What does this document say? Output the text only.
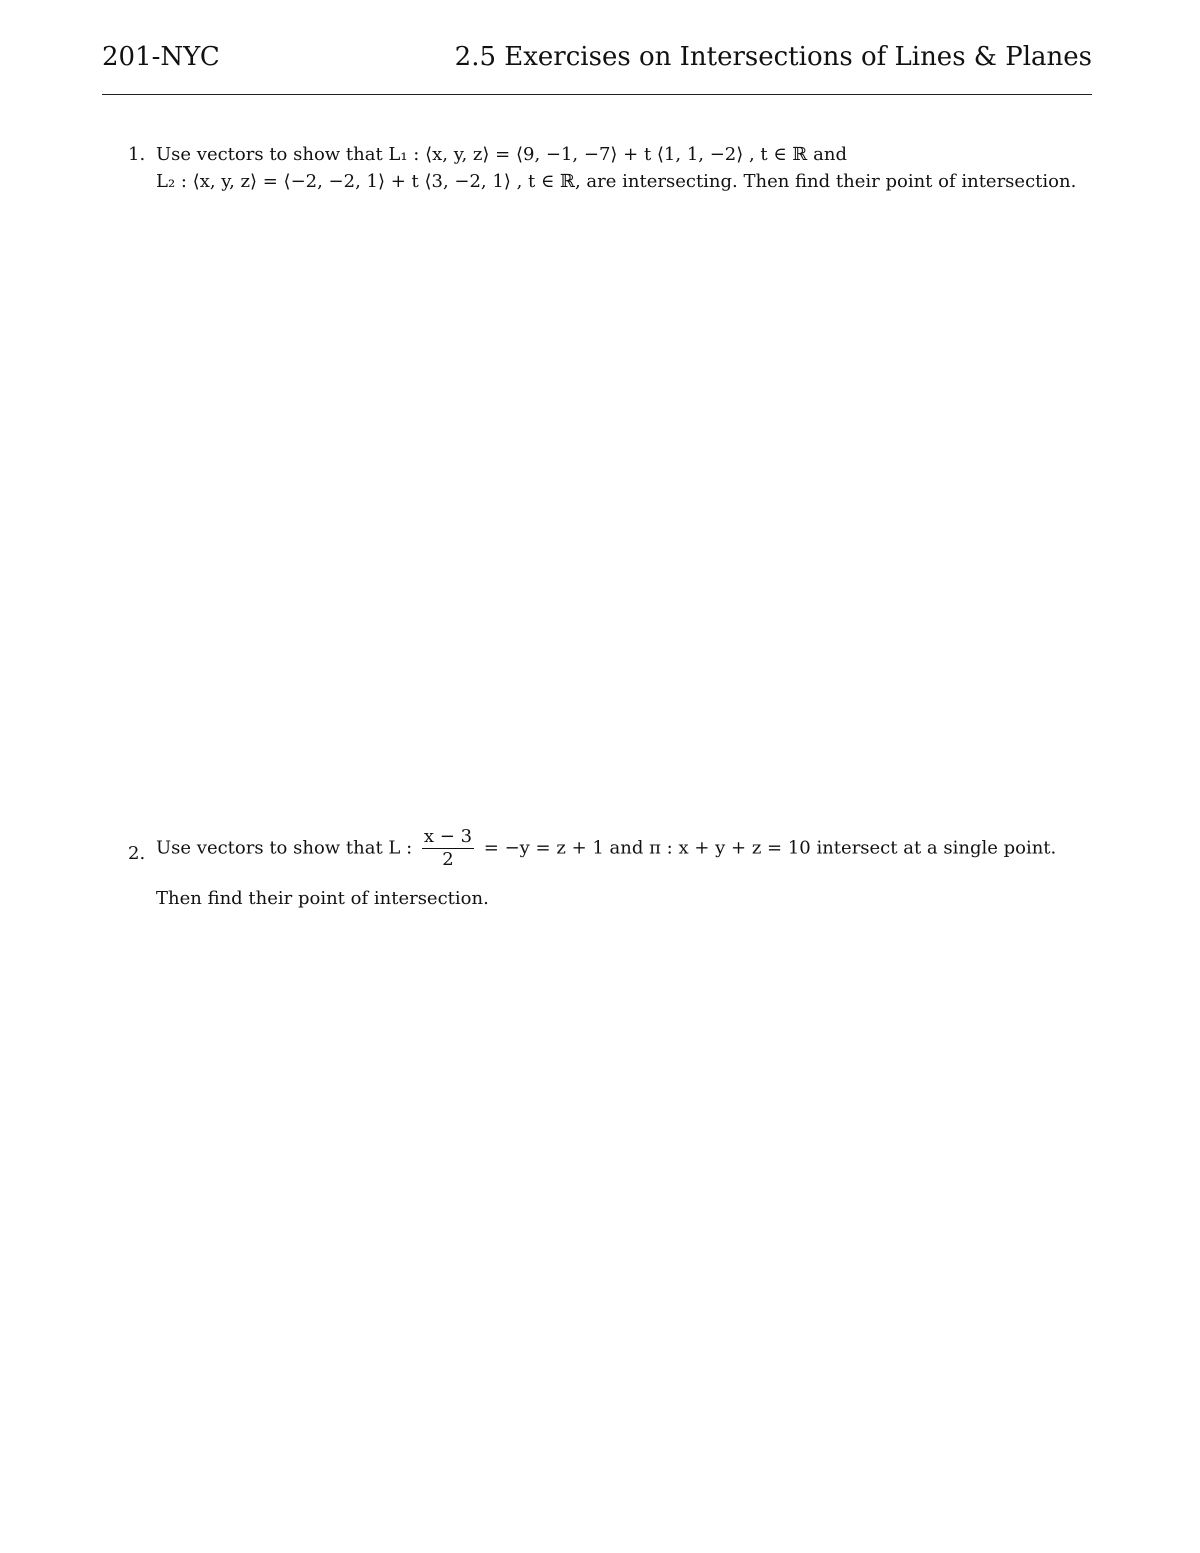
201-NYC	2.5 Exercises on Intersections of Lines & Planes
1. Use vectors to show that L₁ : ⟨x, y, z⟩ = ⟨9, −1, −7⟩ + t ⟨1, 1, −2⟩ , t ∈ ℝ and
L₂ : ⟨x, y, z⟩ = ⟨−2, −2, 1⟩ + t ⟨3, −2, 1⟩ , t ∈ ℝ, are intersecting. Then find their point of intersection.
2. Use vectors to show that L : $\frac{x - 3}{2} = -y = z + 1$ and π : x + y + z = 10 intersect at a single point.
Then find their point of intersection.
